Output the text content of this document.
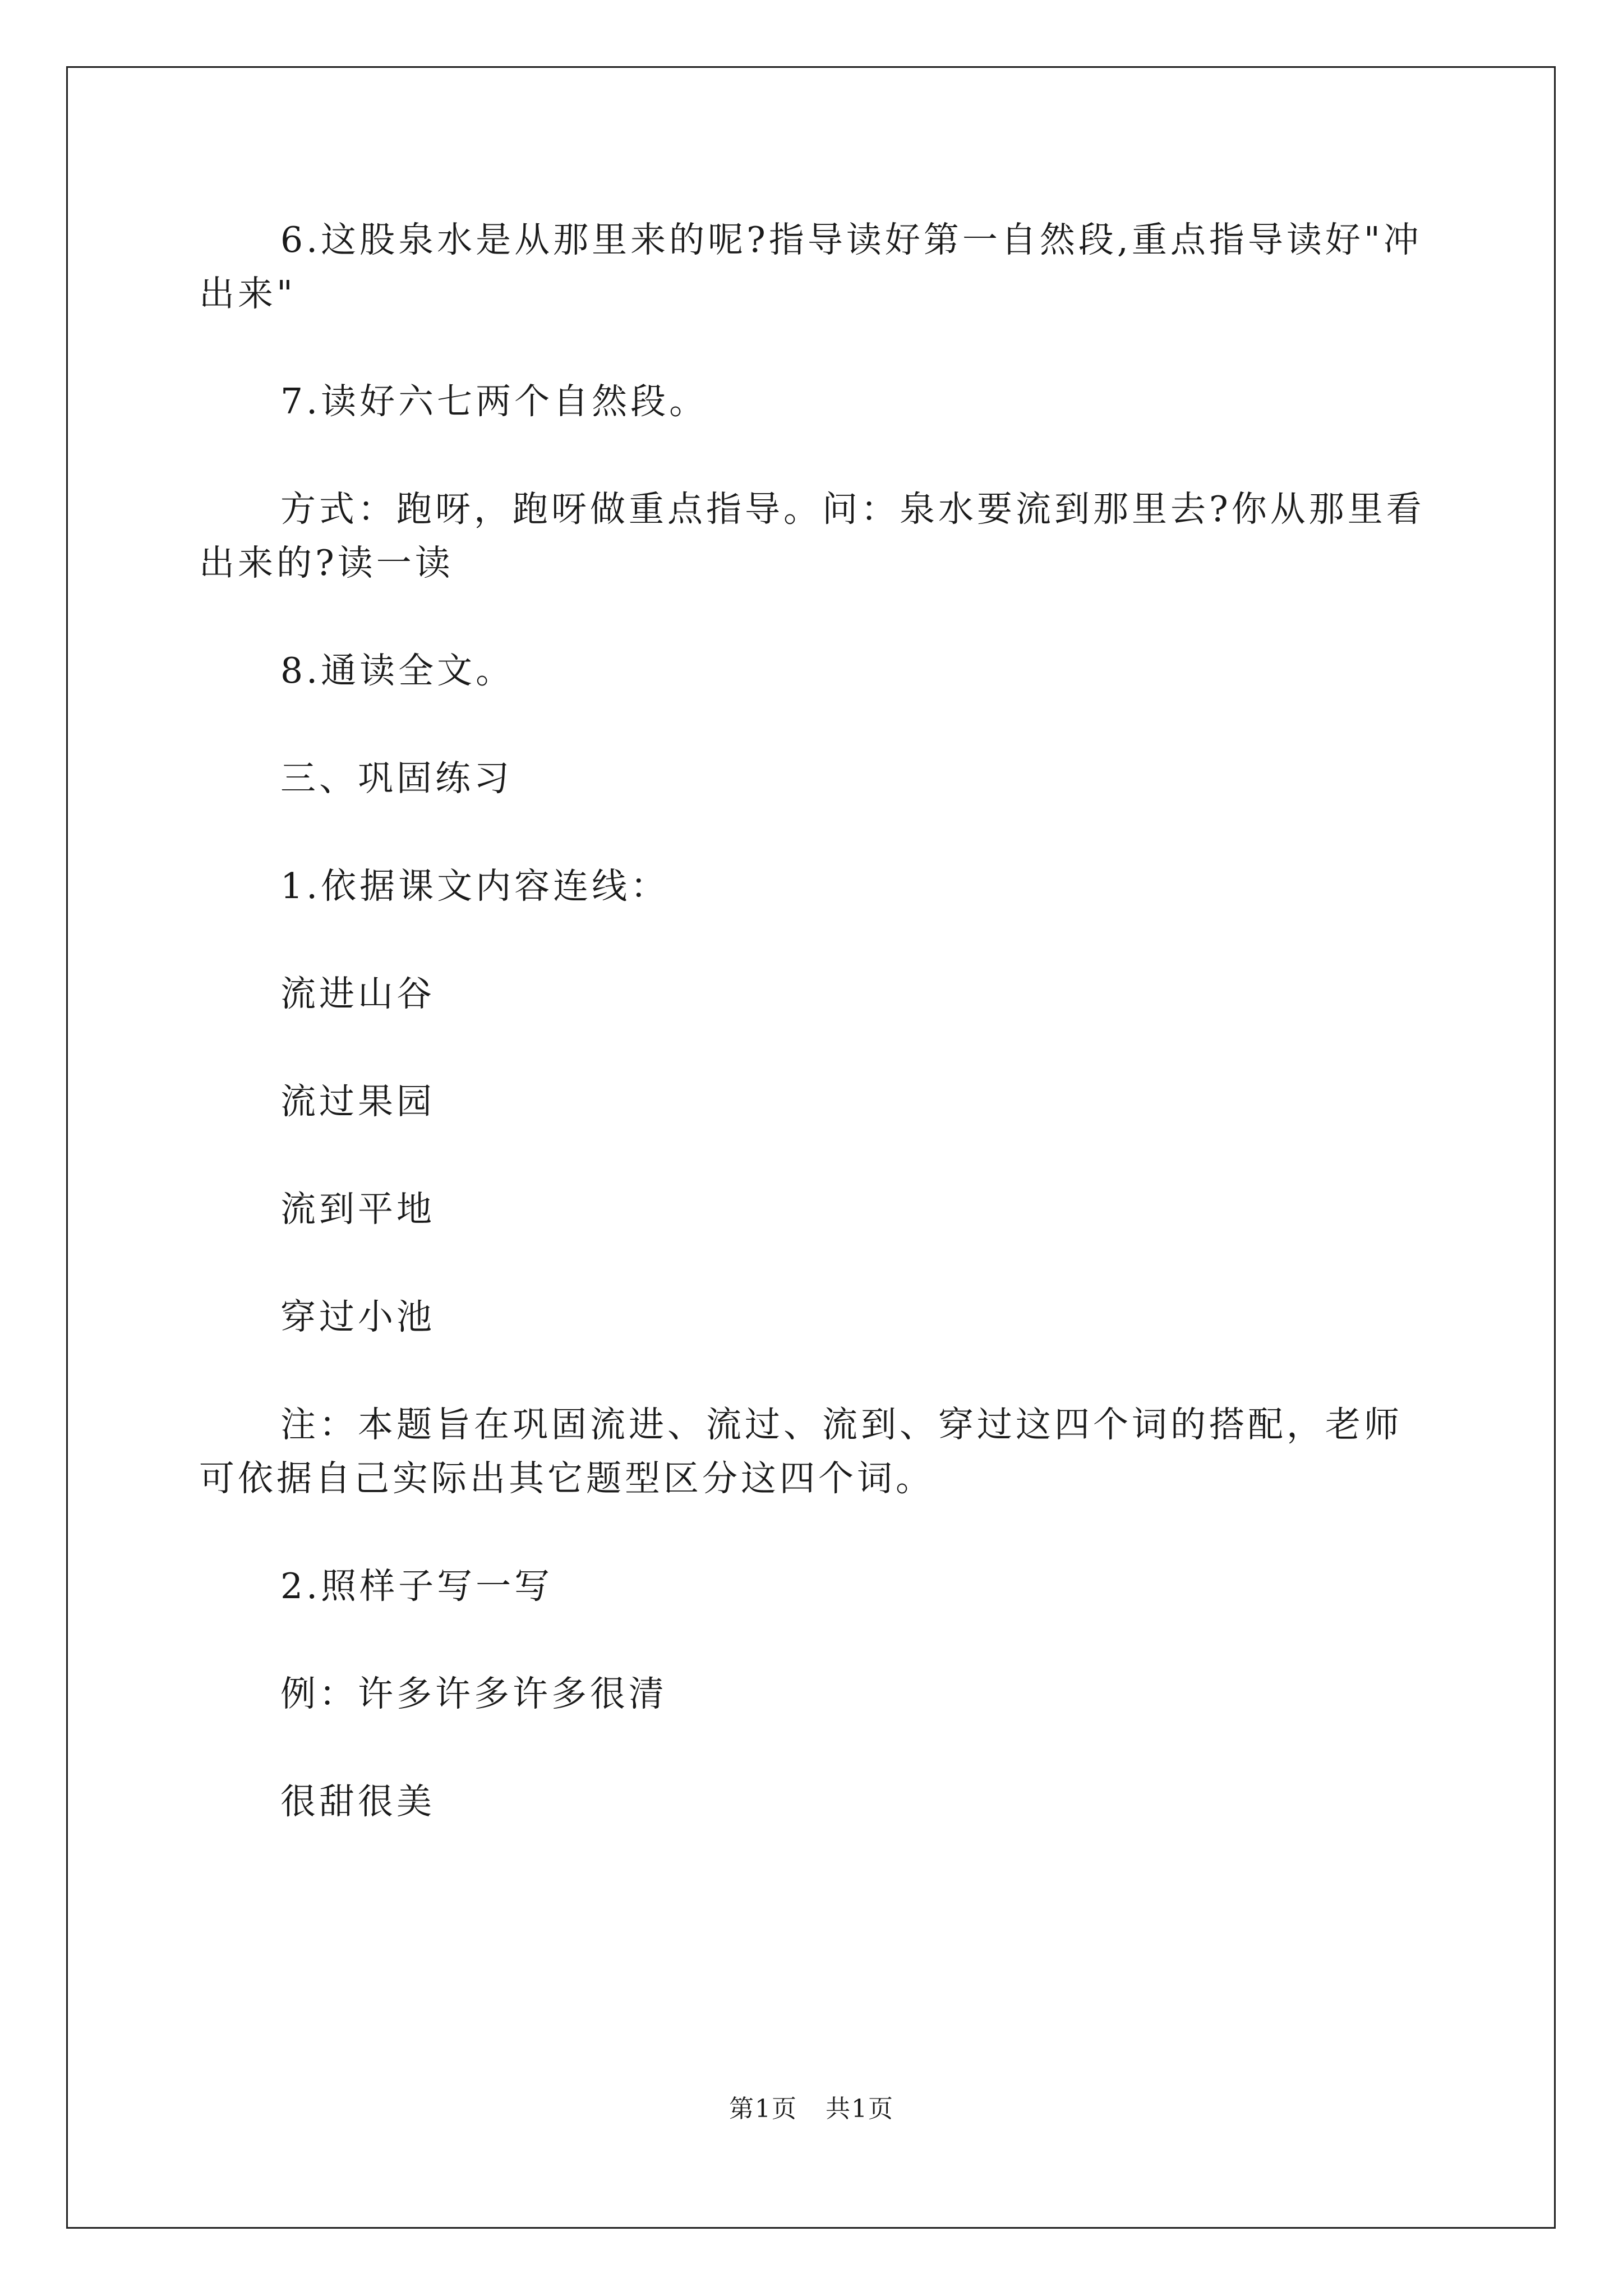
6.这股泉水是从那里来的呢?指导读好第一自然段,重点指导读好"冲出来"

7.读好六七两个自然段。

方式：跑呀，跑呀做重点指导。问：泉水要流到那里去?你从那里看出来的?读一读

8.通读全文。

三、巩固练习

1.依据课文内容连线：

流进山谷

流过果园

流到平地

穿过小池

注：本题旨在巩固流进、流过、流到、穿过这四个词的搭配，老师可依据自己实际出其它题型区分这四个词。

2.照样子写一写

例：许多许多许多很清

很甜很美

第1页 共1页
